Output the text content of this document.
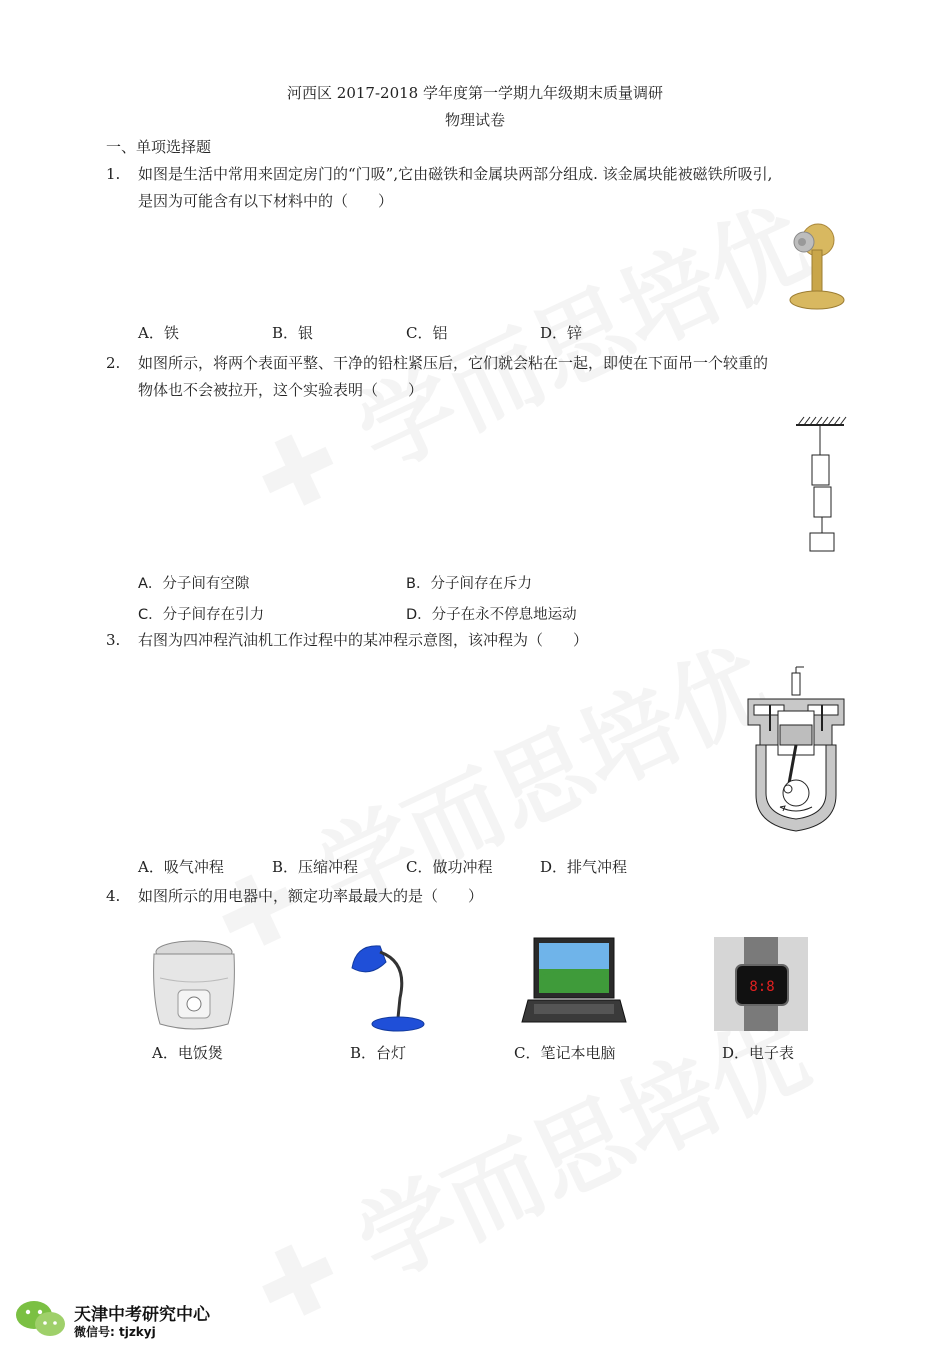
河西区 2017-2018 学年度第一学期九年级期末质量调研
物理试卷
一、单项选择题
1. 如图是生活中常用来固定房门的“门吸”,它由磁铁和金属块两部分组成. 该金属块能被磁铁所吸引,
是因为可能含有以下材料中的（　　）
A．铁	B．银	C．铝	D．锌
2. 如图所示，将两个表面平整、干净的铅柱紧压后，它们就会粘在一起，即使在下面吊一个较重的
物体也不会被拉开，这个实验表明（　　）
A．分子间有空隙	B．分子间存在斥力
C．分子间存在引力	D．分子在永不停息地运动
3. 右图为四冲程汽油机工作过程中的某冲程示意图，该冲程为（　　）
A．吸气冲程	B．压缩冲程	C．做功冲程	D．排气冲程
4. 如图所示的用电器中，额定功率最最大的是（　　）
8:8
A．电饭煲	B．台灯	C．笔记本电脑	D．电子表
天津中考研究中心
微信号: tjzkyj
